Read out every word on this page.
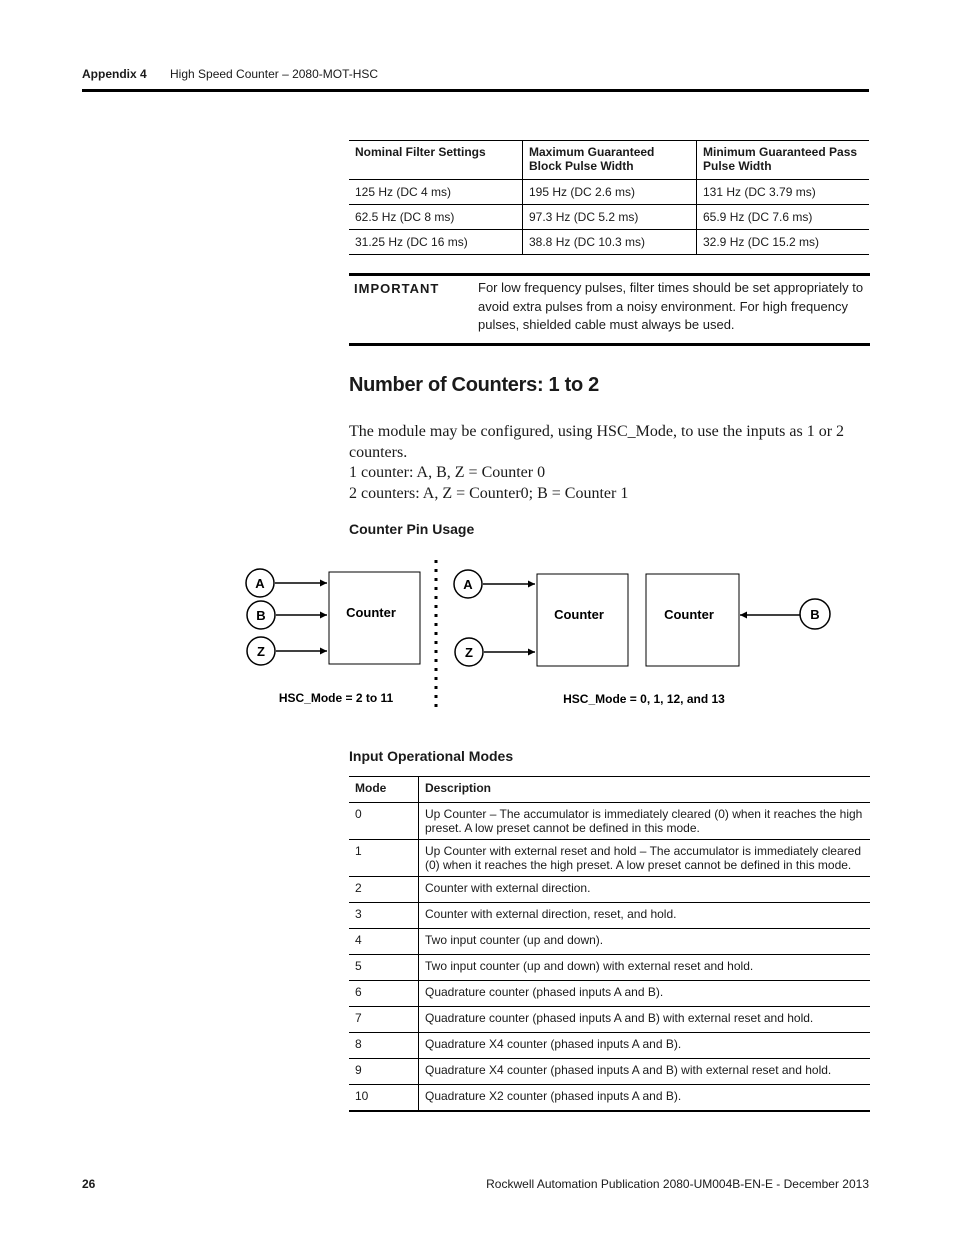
Appendix 4 High Speed Counter – 2080-MOT-HSC
Nominal Filter Settings	Maximum Guaranteed Block Pulse Width	Minimum Guaranteed Pass Pulse Width
125 Hz (DC 4 ms)	195 Hz (DC 2.6 ms)	131 Hz (DC 3.79 ms)
62.5 Hz (DC 8 ms)	97.3 Hz (DC 5.2 ms)	65.9 Hz (DC 7.6 ms)
31.25 Hz (DC 16 ms)	38.8 Hz (DC 10.3 ms)	32.9 Hz (DC 15.2 ms)
IMPORTANT	For low frequency pulses, filter times should be set appropriately to avoid extra pulses from a noisy environment. For high frequency pulses, shielded cable must always be used.
Number of Counters: 1 to 2
The module may be configured, using HSC_Mode, to use the inputs as 1 or 2 counters.
1 counter: A, B, Z = Counter 0
2 counters: A, Z = Counter0; B = Counter 1
Counter Pin Usage
A
B
Z
Counter
HSC_Mode = 2 to 11
A
Z
Counter	Counter	B
HSC_Mode = 0, 1, 12, and 13
Input Operational Modes
Mode	Description
0	Up Counter – The accumulator is immediately cleared (0) when it reaches the high preset. A low preset cannot be defined in this mode.
1	Up Counter with external reset and hold – The accumulator is immediately cleared (0) when it reaches the high preset. A low preset cannot be defined in this mode.
2	Counter with external direction.
3	Counter with external direction, reset, and hold.
4	Two input counter (up and down).
5	Two input counter (up and down) with external reset and hold.
6	Quadrature counter (phased inputs A and B).
7	Quadrature counter (phased inputs A and B) with external reset and hold.
8	Quadrature X4 counter (phased inputs A and B).
9	Quadrature X4 counter (phased inputs A and B) with external reset and hold.
10	Quadrature X2 counter (phased inputs A and B).
26	Rockwell Automation Publication 2080-UM004B-EN-E - December 2013
